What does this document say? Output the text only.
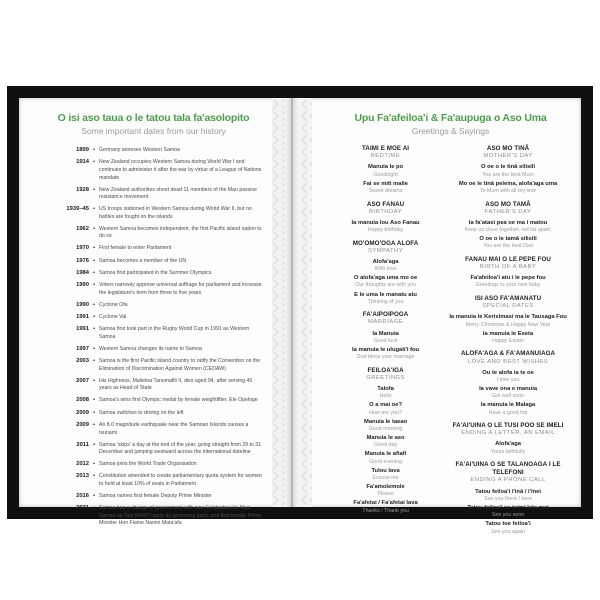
O isi aso taua o le tatou tala fa'asolopito
Some important dates from our history
1899 • Germany annexes Western Samoa
1914 • New Zealand occupies Western Samoa during World War I and continues to administer it after the war by virtue of a League of Nations mandate
1928 • New Zealand authorities shoot dead 11 members of the Mau passive resistance movement
1939–45 • US troops stationed in Western Samoa during World War II, but no battles are fought on the islands
1962 • Western Samoa becomes independent, the first Pacific island nation to do so
1970 • First female to enter Parliament
1976 • Samoa becomes a member of the UN
1984 • Samoa first participated in the Summer Olympics
1990 • Voters narrowly approve universal suffrage for parliament and increase the legislature's term from three to five years
1990 • Cyclone Ofa
1991 • Cyclone Val
1991 • Samoa first took part in the Rugby World Cup in 1991 as Western Samoa
1997 • Western Samoa changes its name to Samoa
2003 • Samoa is the first Pacific Island country to ratify the Convention on the Elimination of Discrimination Against Women (CEDAW)
2007 • His Highness, Malietoa Tanumafili II, dies aged 94, after serving 45 years as Head of State
2008 • Samoa's wins first Olympic medal by female weightlifter, Ele Opeloge
2009 • Samoa switches to driving on the left
2009 • An 8.0 magnitude earthquake near the Samoan Islands causes a tsunami
2011 • Samoa 'skips' a day at the end of the year, going straight from 29 to 31 December and jumping westward across the international dateline
2012 • Samoa joins the World Trade Organisation
2013 • Constitution amended to create parliamentary quota system for women to hold at least 10% of seats in Parliament
2016 • Samoa names first female Deputy Prime Minister
2021 • Samoa has a change of government with new Fa'atuatua i le Atua Samoa ua Tasi (FAST) party as governing party, and first female Prime Minister Hon Fiame Naomi Mata'afa
Upu Fa'afeiloa'i & Fa'aupuga o Aso Uma
Greetings & Sayings
TAIMI E MOE AI
BEDTIME
Manuia le po
Goodnight
Fai se miti malie
Sweet dreams
ASO FANAU
BIRTHDAY
Ia manuia lou Aso Fanau
Happy birthday
MO'OMO'OGA ALOFA
SYMPATHY
Alofa'aga
With love
O alofa'aga uma mo oe
Our thoughts are with you
E le uma le manatu atu
Thinking of you
FA'AIPOIPOGA
MARRIAGE
Ia Manuia
Good luck
Ia manuia le ulugali'i fou
God bless your marriage
FEILOA'IGA
GREETINGS
Talofa
Hello
O a mai oe?
How are you?
Manuia le taeao
Good morning
Manuia le aso
Good day
Manuia le afiafi
Good evening
Tulou lava
Excuse me
Fa'amolemole
Please
Fa'afetai / Fa'afetai lava
Thanks / Thank you
ASO MO TINĀ
MOTHER'S DAY
O oe o le tinā silisili
You are the best Mum
Mo oe le tinā peleina, alofa'aga uma
To Mum with all my love
ASO MO TAMĀ
FATHER'S DAY
Ia fa'atasi pea oe ma i matou
Keep us close together, not far apart.
O oe o le tamā silisili
You are the best Dad
FANAU MAI O LE PEPE FOU
BIRTH OF A BABY
Fa'afeiloa'i atu i le pepe fou
Greetings to your new baby
ISI ASO FA'AMANATU
SPECIAL DATES
Ia manuia le Kerisimasi ma le Tausaga Fou
Merry Christmas & Happy New Year
Ia manuia le Eseta
Happy Easter
ALOFA'AGA & FA'AMANUIAGA
LOVE AND BEST WISHES
Ou te alofa ia te oe
I love you
Ia vave ona e manuia
Get well soon
Ia manuia le Malaga
Have a good trip
FA'AI'UINA O LE TUSI POO SE IMELI
ENDING A LETTER, AN EMAIL
Alofa'aga
Yours faithfully
FA'AI'UINA O SE TALANOAGA I LE TELEFONI
ENDING A PHONE CALL
Tatou feiloa'i i'inā / i'inei
See you there / here
Tatou feiloa'i se taimi lata mai
See you soon
Tatou toe feiloa'i
See you again
